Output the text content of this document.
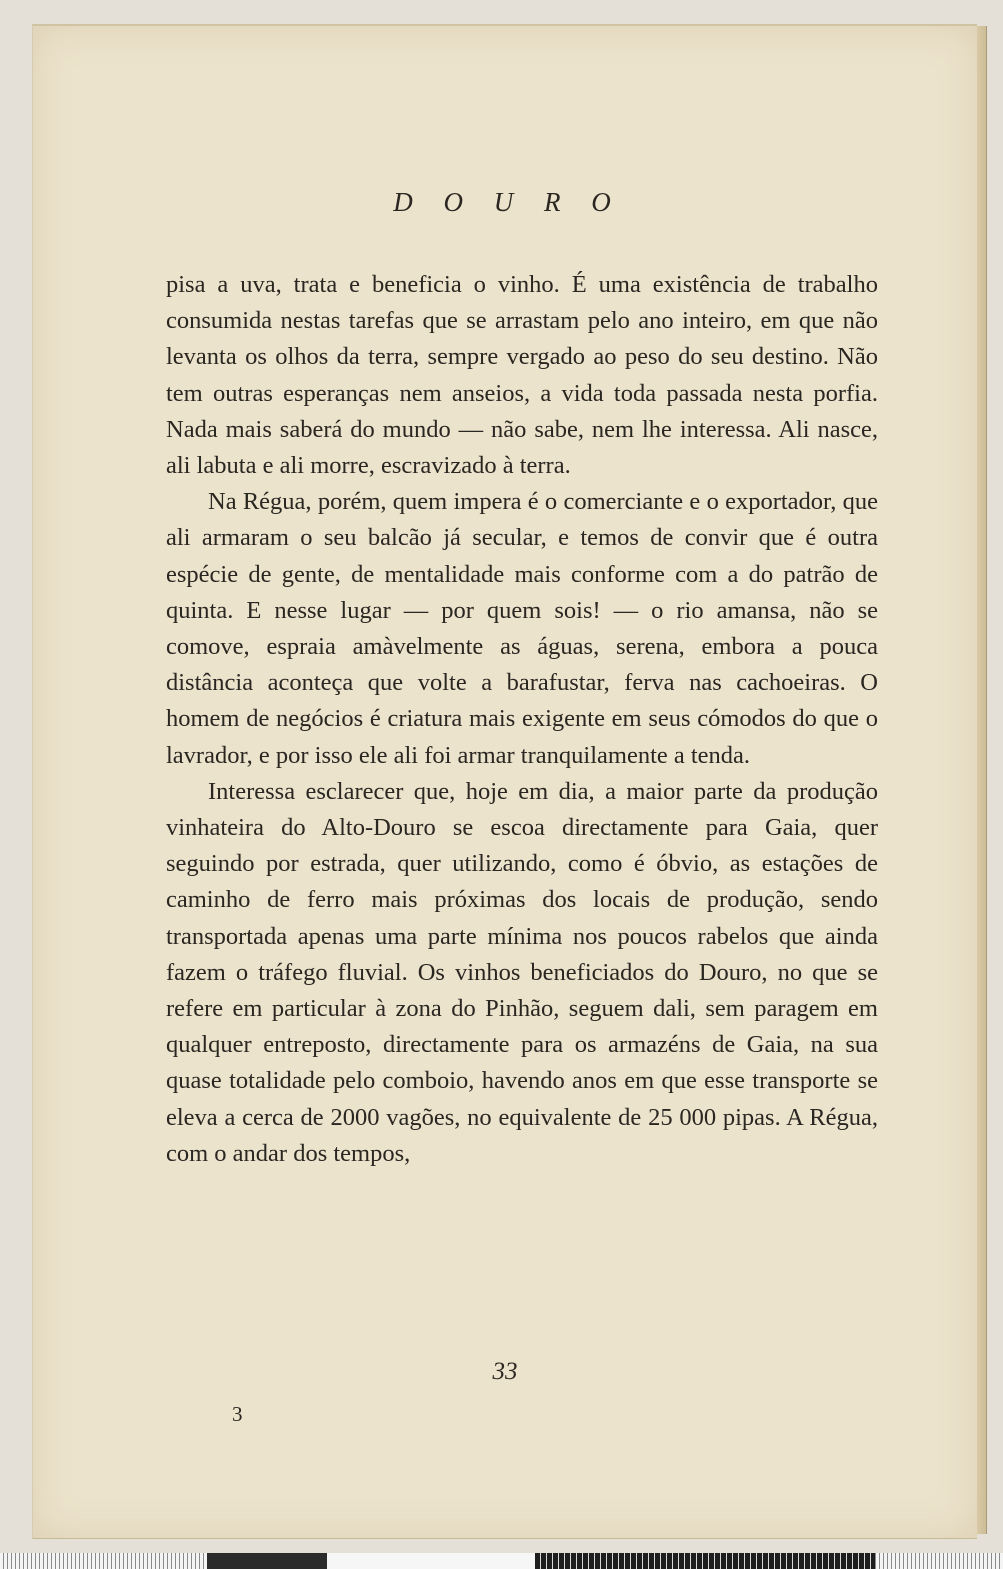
D O U R O

pisa a uva, trata e beneficia o vinho. É uma existência de trabalho consumida nestas tarefas que se arrastam pelo ano inteiro, em que não levanta os olhos da terra, sempre vergado ao peso do seu destino. Não tem outras esperanças nem anseios, a vida toda passada nesta porfia. Nada mais saberá do mundo — não sabe, nem lhe interessa. Ali nasce, ali labuta e ali morre, escravizado à terra.

Na Régua, porém, quem impera é o comerciante e o exportador, que ali armaram o seu balcão já secular, e temos de convir que é outra espécie de gente, de mentalidade mais conforme com a do patrão de quinta. E nesse lugar — por quem sois! — o rio amansa, não se comove, espraia amàvelmente as águas, serena, embora a pouca distância aconteça que volte a barafustar, ferva nas cachoeiras. O homem de negócios é criatura mais exigente em seus cómodos do que o lavrador, e por isso ele ali foi armar tranquilamente a tenda.

Interessa esclarecer que, hoje em dia, a maior parte da produção vinhateira do Alto-Douro se escoa directamente para Gaia, quer seguindo por estrada, quer utilizando, como é óbvio, as estações de caminho de ferro mais próximas dos locais de produção, sendo transportada apenas uma parte mínima nos poucos rabelos que ainda fazem o tráfego fluvial. Os vinhos beneficiados do Douro, no que se refere em particular à zona do Pinhão, seguem dali, sem paragem em qualquer entreposto, directamente para os armazéns de Gaia, na sua quase totalidade pelo comboio, havendo anos em que esse transporte se eleva a cerca de 2000 vagões, no equivalente de 25 000 pipas. A Régua, com o andar dos tempos,

33
3
